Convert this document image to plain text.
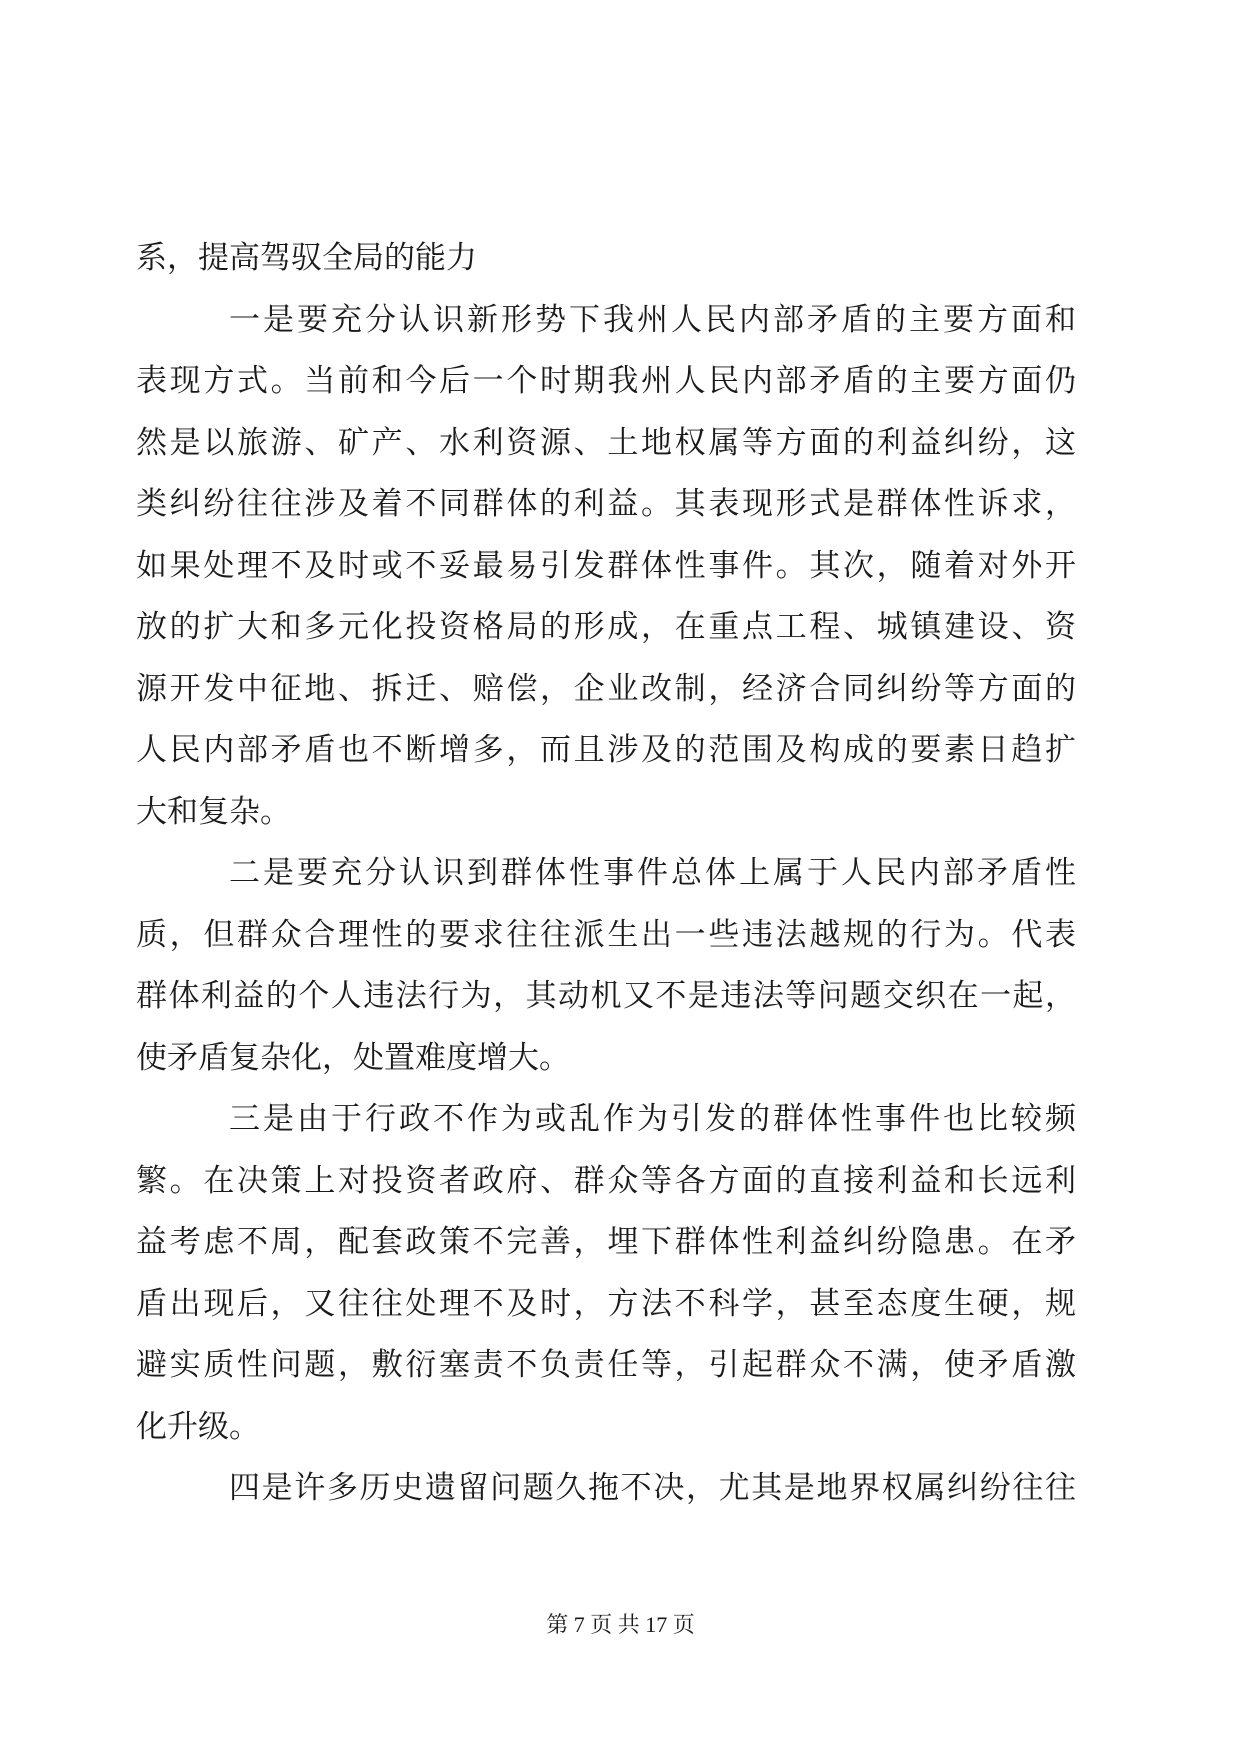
系，提高驾驭全局的能力
一是要充分认识新形势下我州人民内部矛盾的主要方面和
表现方式。当前和今后一个时期我州人民内部矛盾的主要方面仍
然是以旅游、矿产、水利资源、土地权属等方面的利益纠纷，这
类纠纷往往涉及着不同群体的利益。其表现形式是群体性诉求，
如果处理不及时或不妥最易引发群体性事件。其次，随着对外开
放的扩大和多元化投资格局的形成，在重点工程、城镇建设、资
源开发中征地、拆迁、赔偿，企业改制，经济合同纠纷等方面的
人民内部矛盾也不断增多，而且涉及的范围及构成的要素日趋扩
大和复杂。
二是要充分认识到群体性事件总体上属于人民内部矛盾性
质，但群众合理性的要求往往派生出一些违法越规的行为。代表
群体利益的个人违法行为，其动机又不是违法等问题交织在一起，
使矛盾复杂化，处置难度增大。
三是由于行政不作为或乱作为引发的群体性事件也比较频
繁。在决策上对投资者政府、群众等各方面的直接利益和长远利
益考虑不周，配套政策不完善，埋下群体性利益纠纷隐患。在矛
盾出现后，又往往处理不及时，方法不科学，甚至态度生硬，规
避实质性问题，敷衍塞责不负责任等，引起群众不满，使矛盾激
化升级。
四是许多历史遗留问题久拖不决，尤其是地界权属纠纷往往
第 7 页 共 17 页
